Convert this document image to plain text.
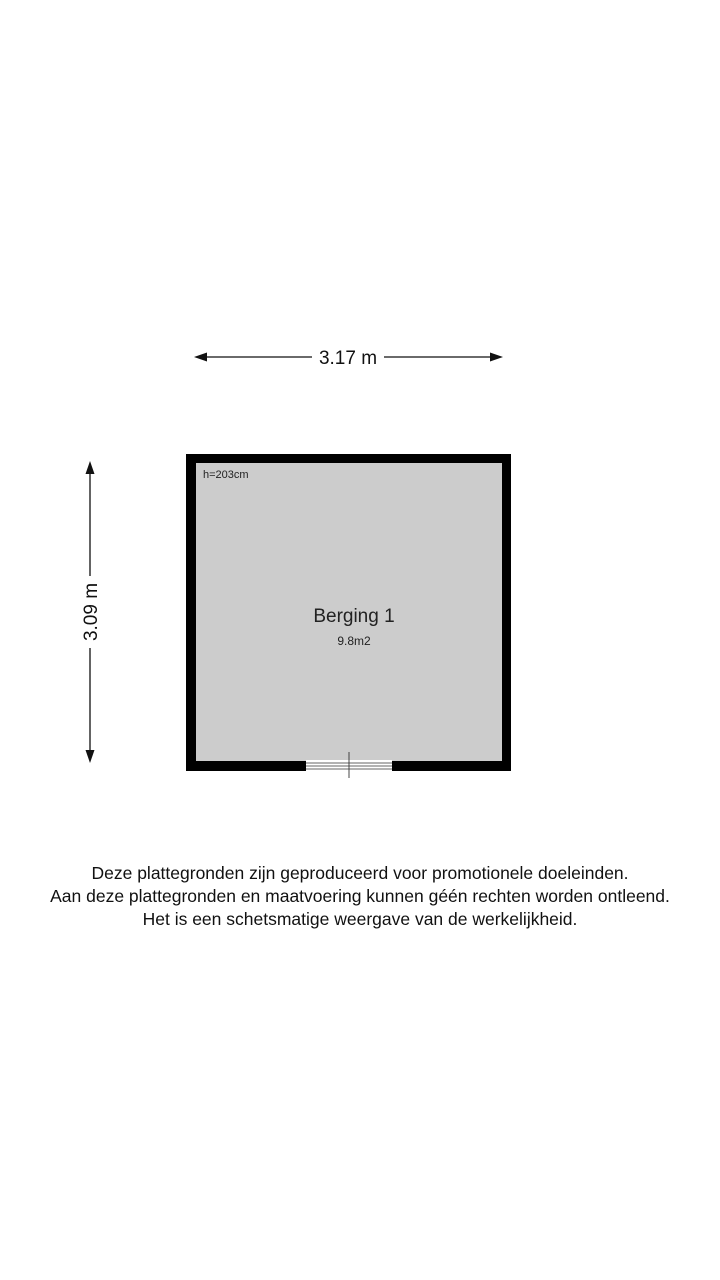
3.17 m
3.09 m
h=203cm
Berging 1
9.8m2
Deze plattegronden zijn geproduceerd voor promotionele doeleinden.
Aan deze plattegronden en maatvoering kunnen géén rechten worden ontleend.
Het is een schetsmatige weergave van de werkelijkheid.
